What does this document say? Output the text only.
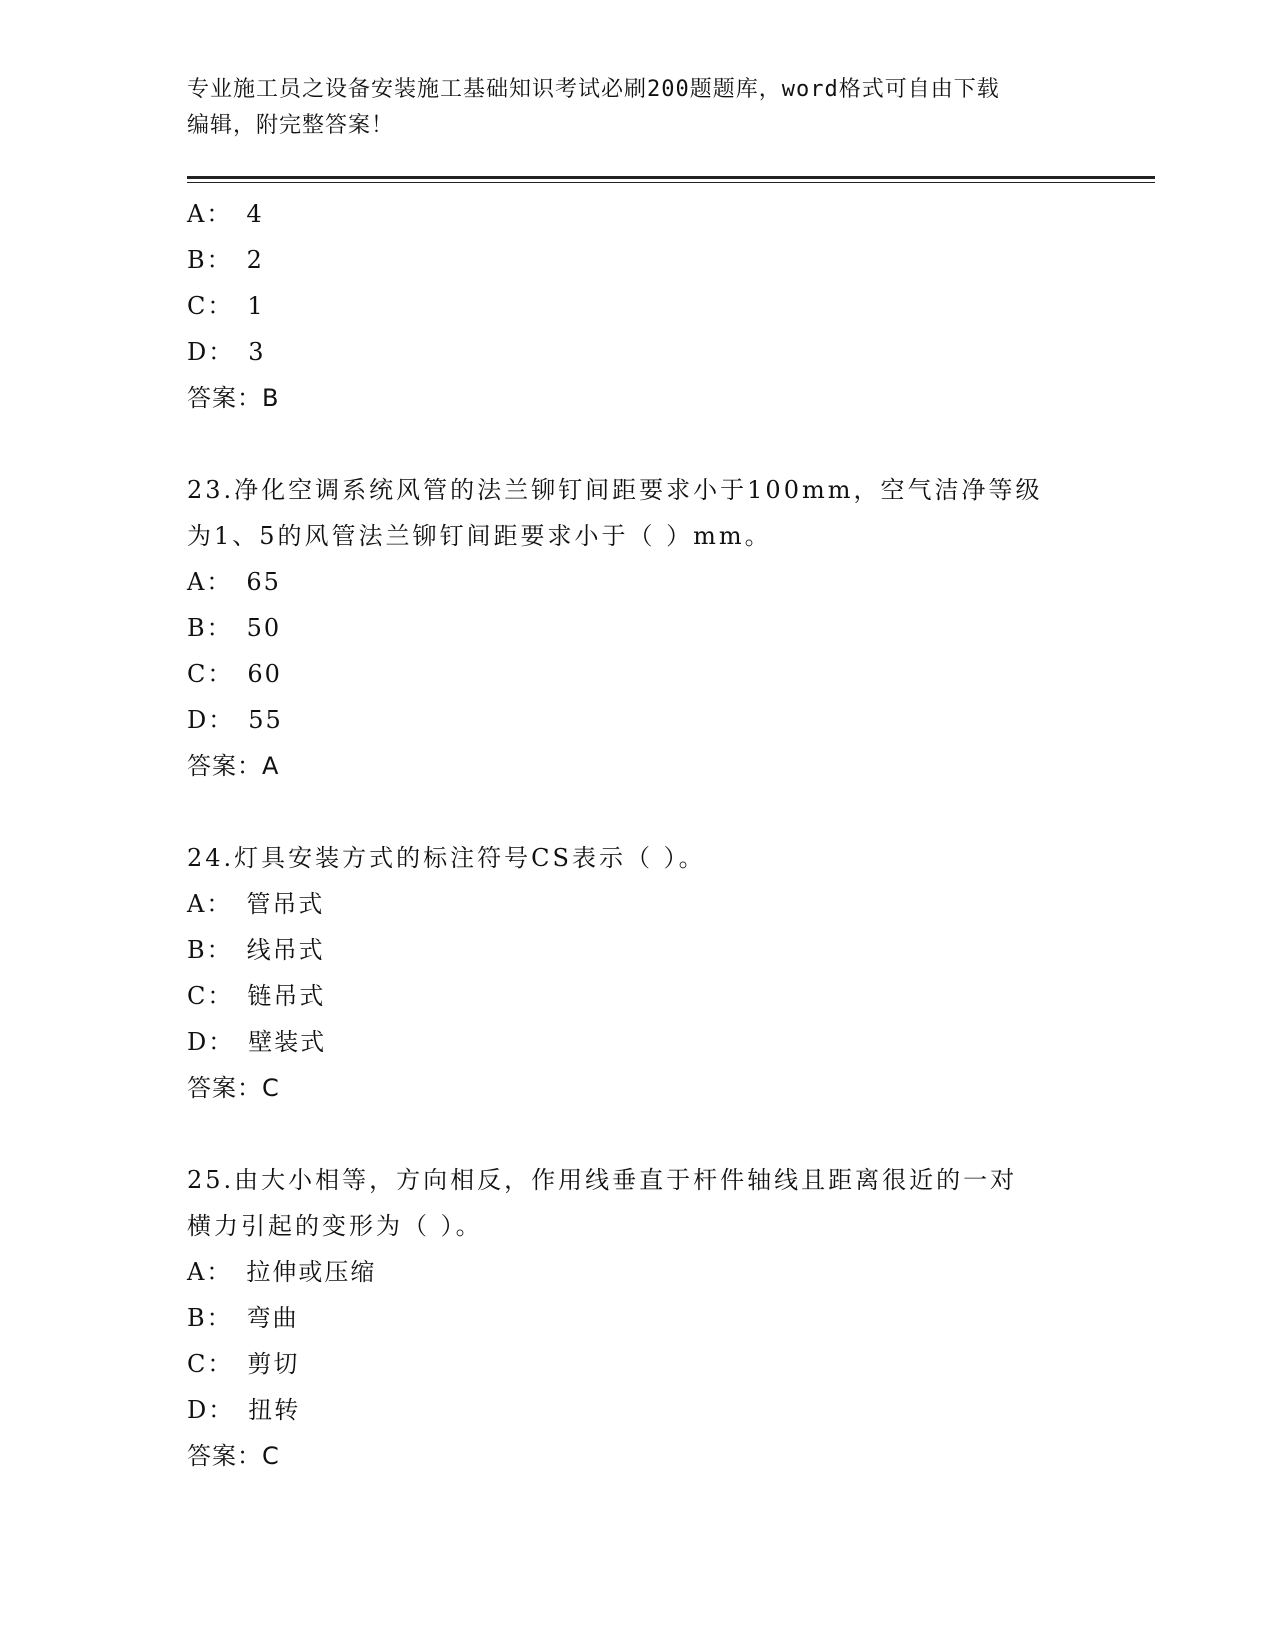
专业施工员之设备安装施工基础知识考试必刷200题题库，word格式可自由下载
编辑，附完整答案！
A： 4
B： 2
C： 1
D： 3
答案：B
23.净化空调系统风管的法兰铆钉间距要求小于100mm，空气洁净等级
为1、5的风管法兰铆钉间距要求小于（ ）mm。
A： 65
B： 50
C： 60
D： 55
答案：A
24.灯具安装方式的标注符号CS表示（ ）。
A： 管吊式
B： 线吊式
C： 链吊式
D： 壁装式
答案：C
25.由大小相等，方向相反，作用线垂直于杆件轴线且距离很近的一对
横力引起的变形为（ ）。
A： 拉伸或压缩
B： 弯曲
C： 剪切
D： 扭转
答案：C
